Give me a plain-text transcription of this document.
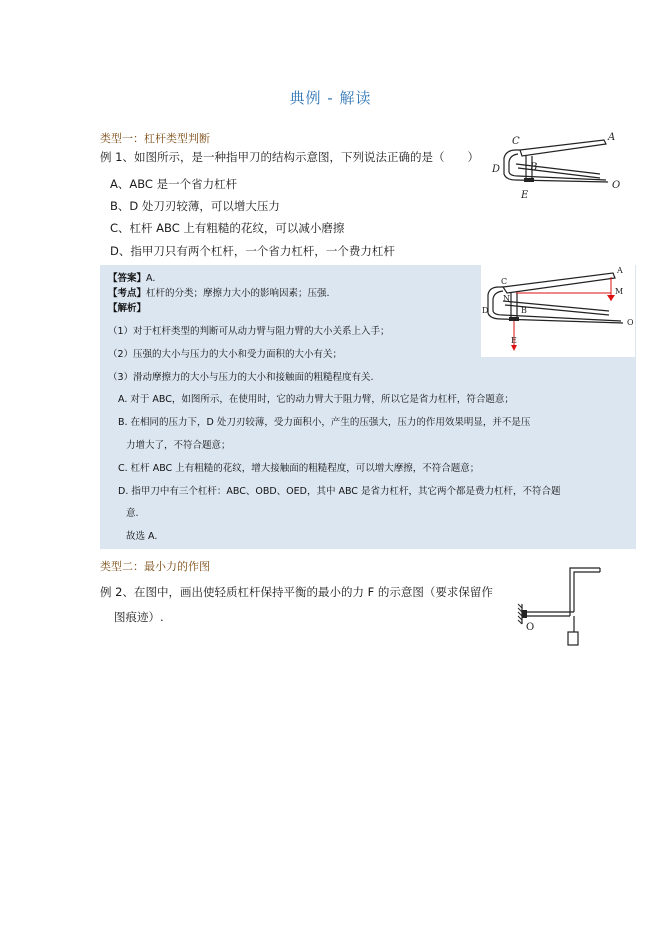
典例 - 解读
类型一：杠杆类型判断
例 1、如图所示，是一种指甲刀的结构示意图，下列说法正确的是（　　）
A、ABC 是一个省力杠杆
B、D 处刀刃较薄，可以增大压力
C、杠杆 ABC 上有粗糙的花纹，可以减小磨擦
D、指甲刀只有两个杠杆，一个省力杠杆，一个费力杠杆
C	A
D	B
E
O
【答案】A.
【考点】杠杆的分类；摩擦力大小的影响因素；压强.
【解析】
（1）对于杠杆类型的判断可从动力臂与阻力臂的大小关系上入手；
（2）压强的大小与压力的大小和受力面积的大小有关；
（3）滑动摩擦力的大小与压力的大小和接触面的粗糙程度有关.
A. 对于 ABC，如图所示，在使用时，它的动力臂大于阻力臂，所以它是省力杠杆，符合题意；
B. 在相同的压力下，D 处刀刃较薄，受力面积小，产生的压强大，压力的作用效果明显，并不是压
力增大了，不符合题意；
C. 杠杆 ABC 上有粗糙的花纹，增大接触面的粗糙程度，可以增大摩擦，不符合题意；
D. 指甲刀中有三个杠杆：ABC、OBD、OED，其中 ABC 是省力杠杆，其它两个都是费力杠杆，不符合题
意.
故选 A.
C
A
N
M
B
D
E
O
类型二：最小力的作图
例 2、在图中，画出使轻质杠杆保持平衡的最小的力 F 的示意图（要求保留作
图痕迹）.
O
